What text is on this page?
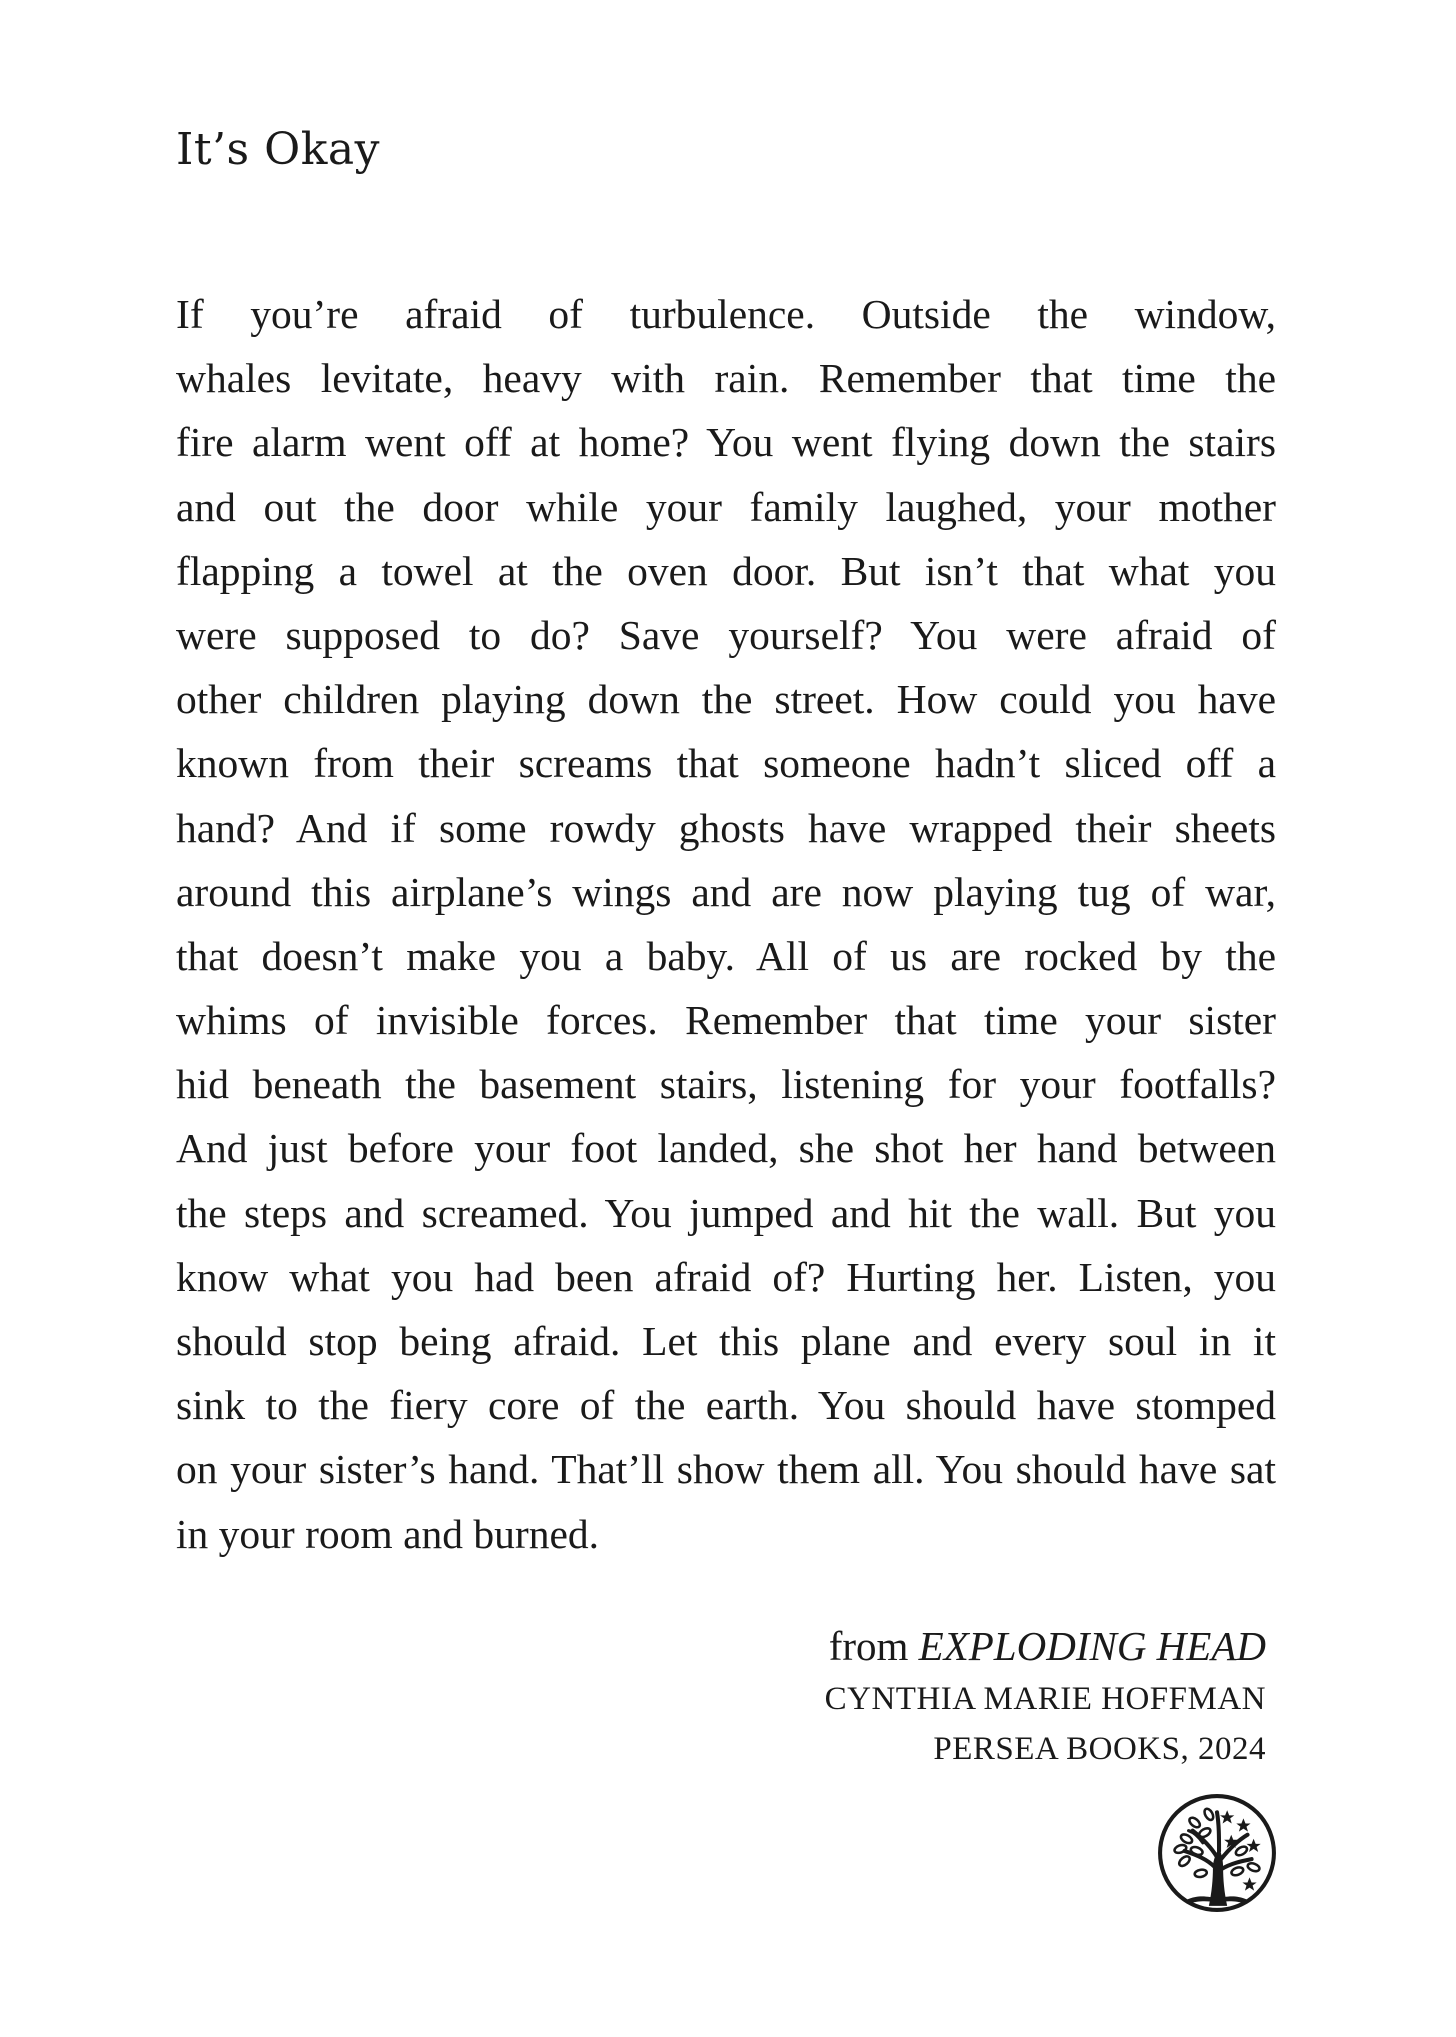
It’s Okay
If you’re afraid of turbulence. Outside the window,
whales levitate, heavy with rain. Remember that time the
fire alarm went off at home? You went flying down the stairs
and out the door while your family laughed, your mother
flapping a towel at the oven door. But isn’t that what you
were supposed to do? Save yourself? You were afraid of
other children playing down the street. How could you have
known from their screams that someone hadn’t sliced off a
hand? And if some rowdy ghosts have wrapped their sheets
around this airplane’s wings and are now playing tug of war,
that doesn’t make you a baby. All of us are rocked by the
whims of invisible forces. Remember that time your sister
hid beneath the basement stairs, listening for your footfalls?
And just before your foot landed, she shot her hand between
the steps and screamed. You jumped and hit the wall. But you
know what you had been afraid of? Hurting her. Listen, you
should stop being afraid. Let this plane and every soul in it
sink to the fiery core of the earth. You should have stomped
on your sister’s hand. That’ll show them all. You should have sat
in your room and burned.
from EXPLODING HEAD
CYNTHIA MARIE HOFFMAN
PERSEA BOOKS, 2024
